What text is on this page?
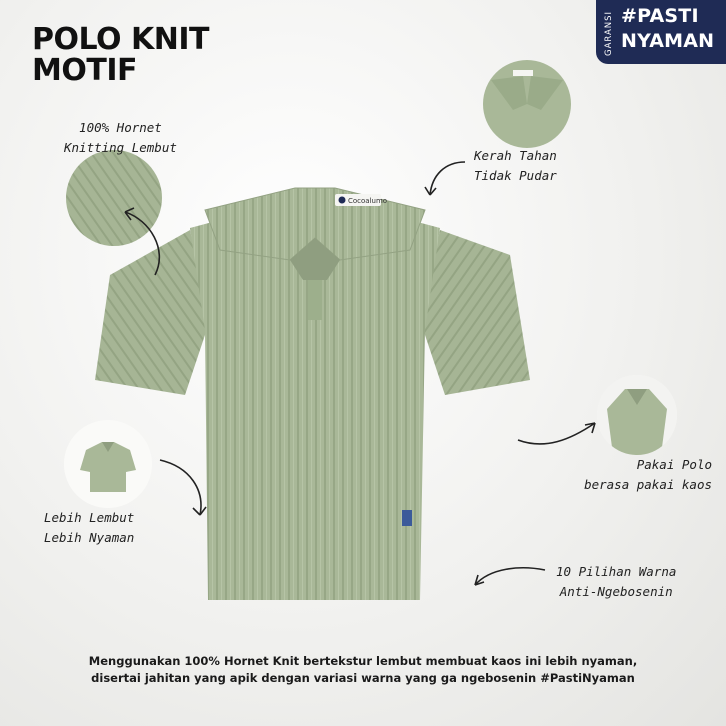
POLO KNIT
MOTIF
GARANSI #PASTI
NYAMAN
Cocoalumo
100% Hornet
Knitting Lembut
Kerah Tahan
Tidak Pudar
Pakai Polo
berasa pakai kaos
Lebih Lembut
Lebih Nyaman
10 Pilihan Warna
Anti-Ngebosenin
Menggunakan 100% Hornet Knit bertekstur lembut membuat kaos ini lebih nyaman,
disertai jahitan yang apik dengan variasi warna yang ga ngebosenin #PastiNyaman
